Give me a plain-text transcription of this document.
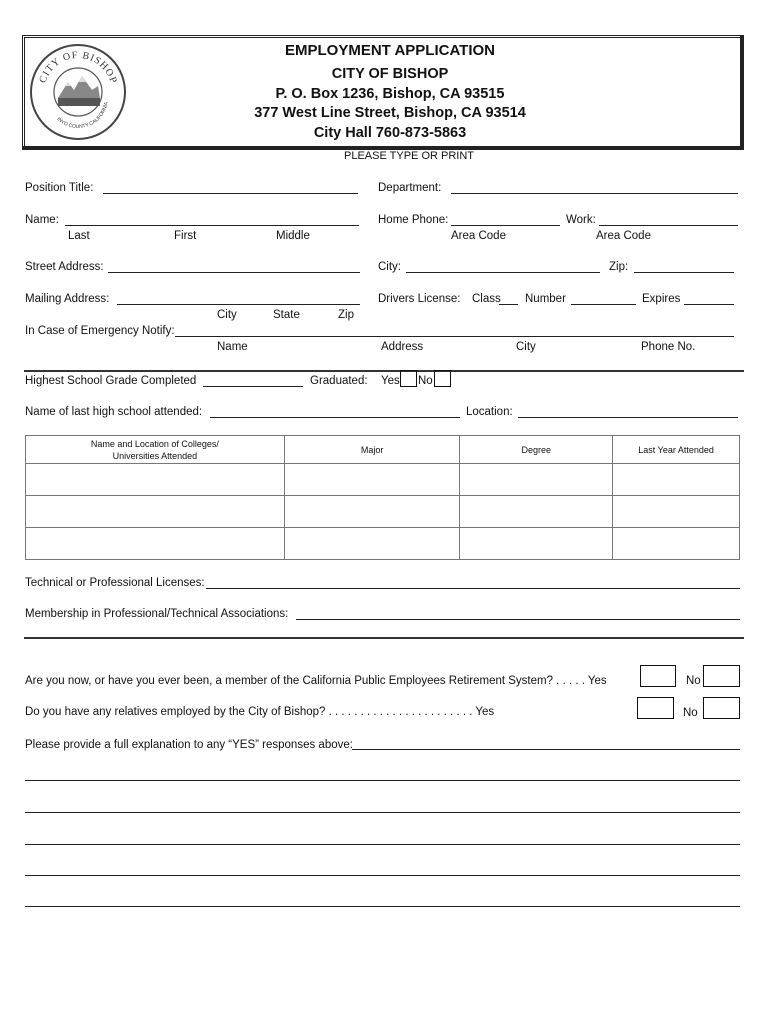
CITY OF BISHOP
INYO COUNTY CALIFORNIA
EMPLOYMENT APPLICATION
CITY OF BISHOP
P. O. Box 1236, Bishop, CA 93515
377 West Line Street, Bishop, CA 93514
City Hall 760-873-5863
PLEASE TYPE OR PRINT
Position Title:	Department:
Name:	Home Phone:	Work:
Last	First	Middle	Area Code	Area Code
Street Address:	City:	Zip:
Mailing Address:	Drivers License: Class Number	Expires
City	State	Zip
In Case of Emergency Notify:
Name	Address	City	Phone No.
Highest School Grade Completed	Graduated: Yes No
Name of last high school attended:	Location:
Name and Location of Colleges/ Universities Attended	Major	Degree	Last Year Attended

Technical or Professional Licenses:
Membership in Professional/Technical Associations:
Are you now, or have you ever been, a member of the California Public Employees Retirement System? . . . . . Yes	No
Do you have any relatives employed by the City of Bishop? . . . . . . . . . . . . . . . . . . . . . . . Yes	No
Please provide a full explanation to any “YES” responses above:
